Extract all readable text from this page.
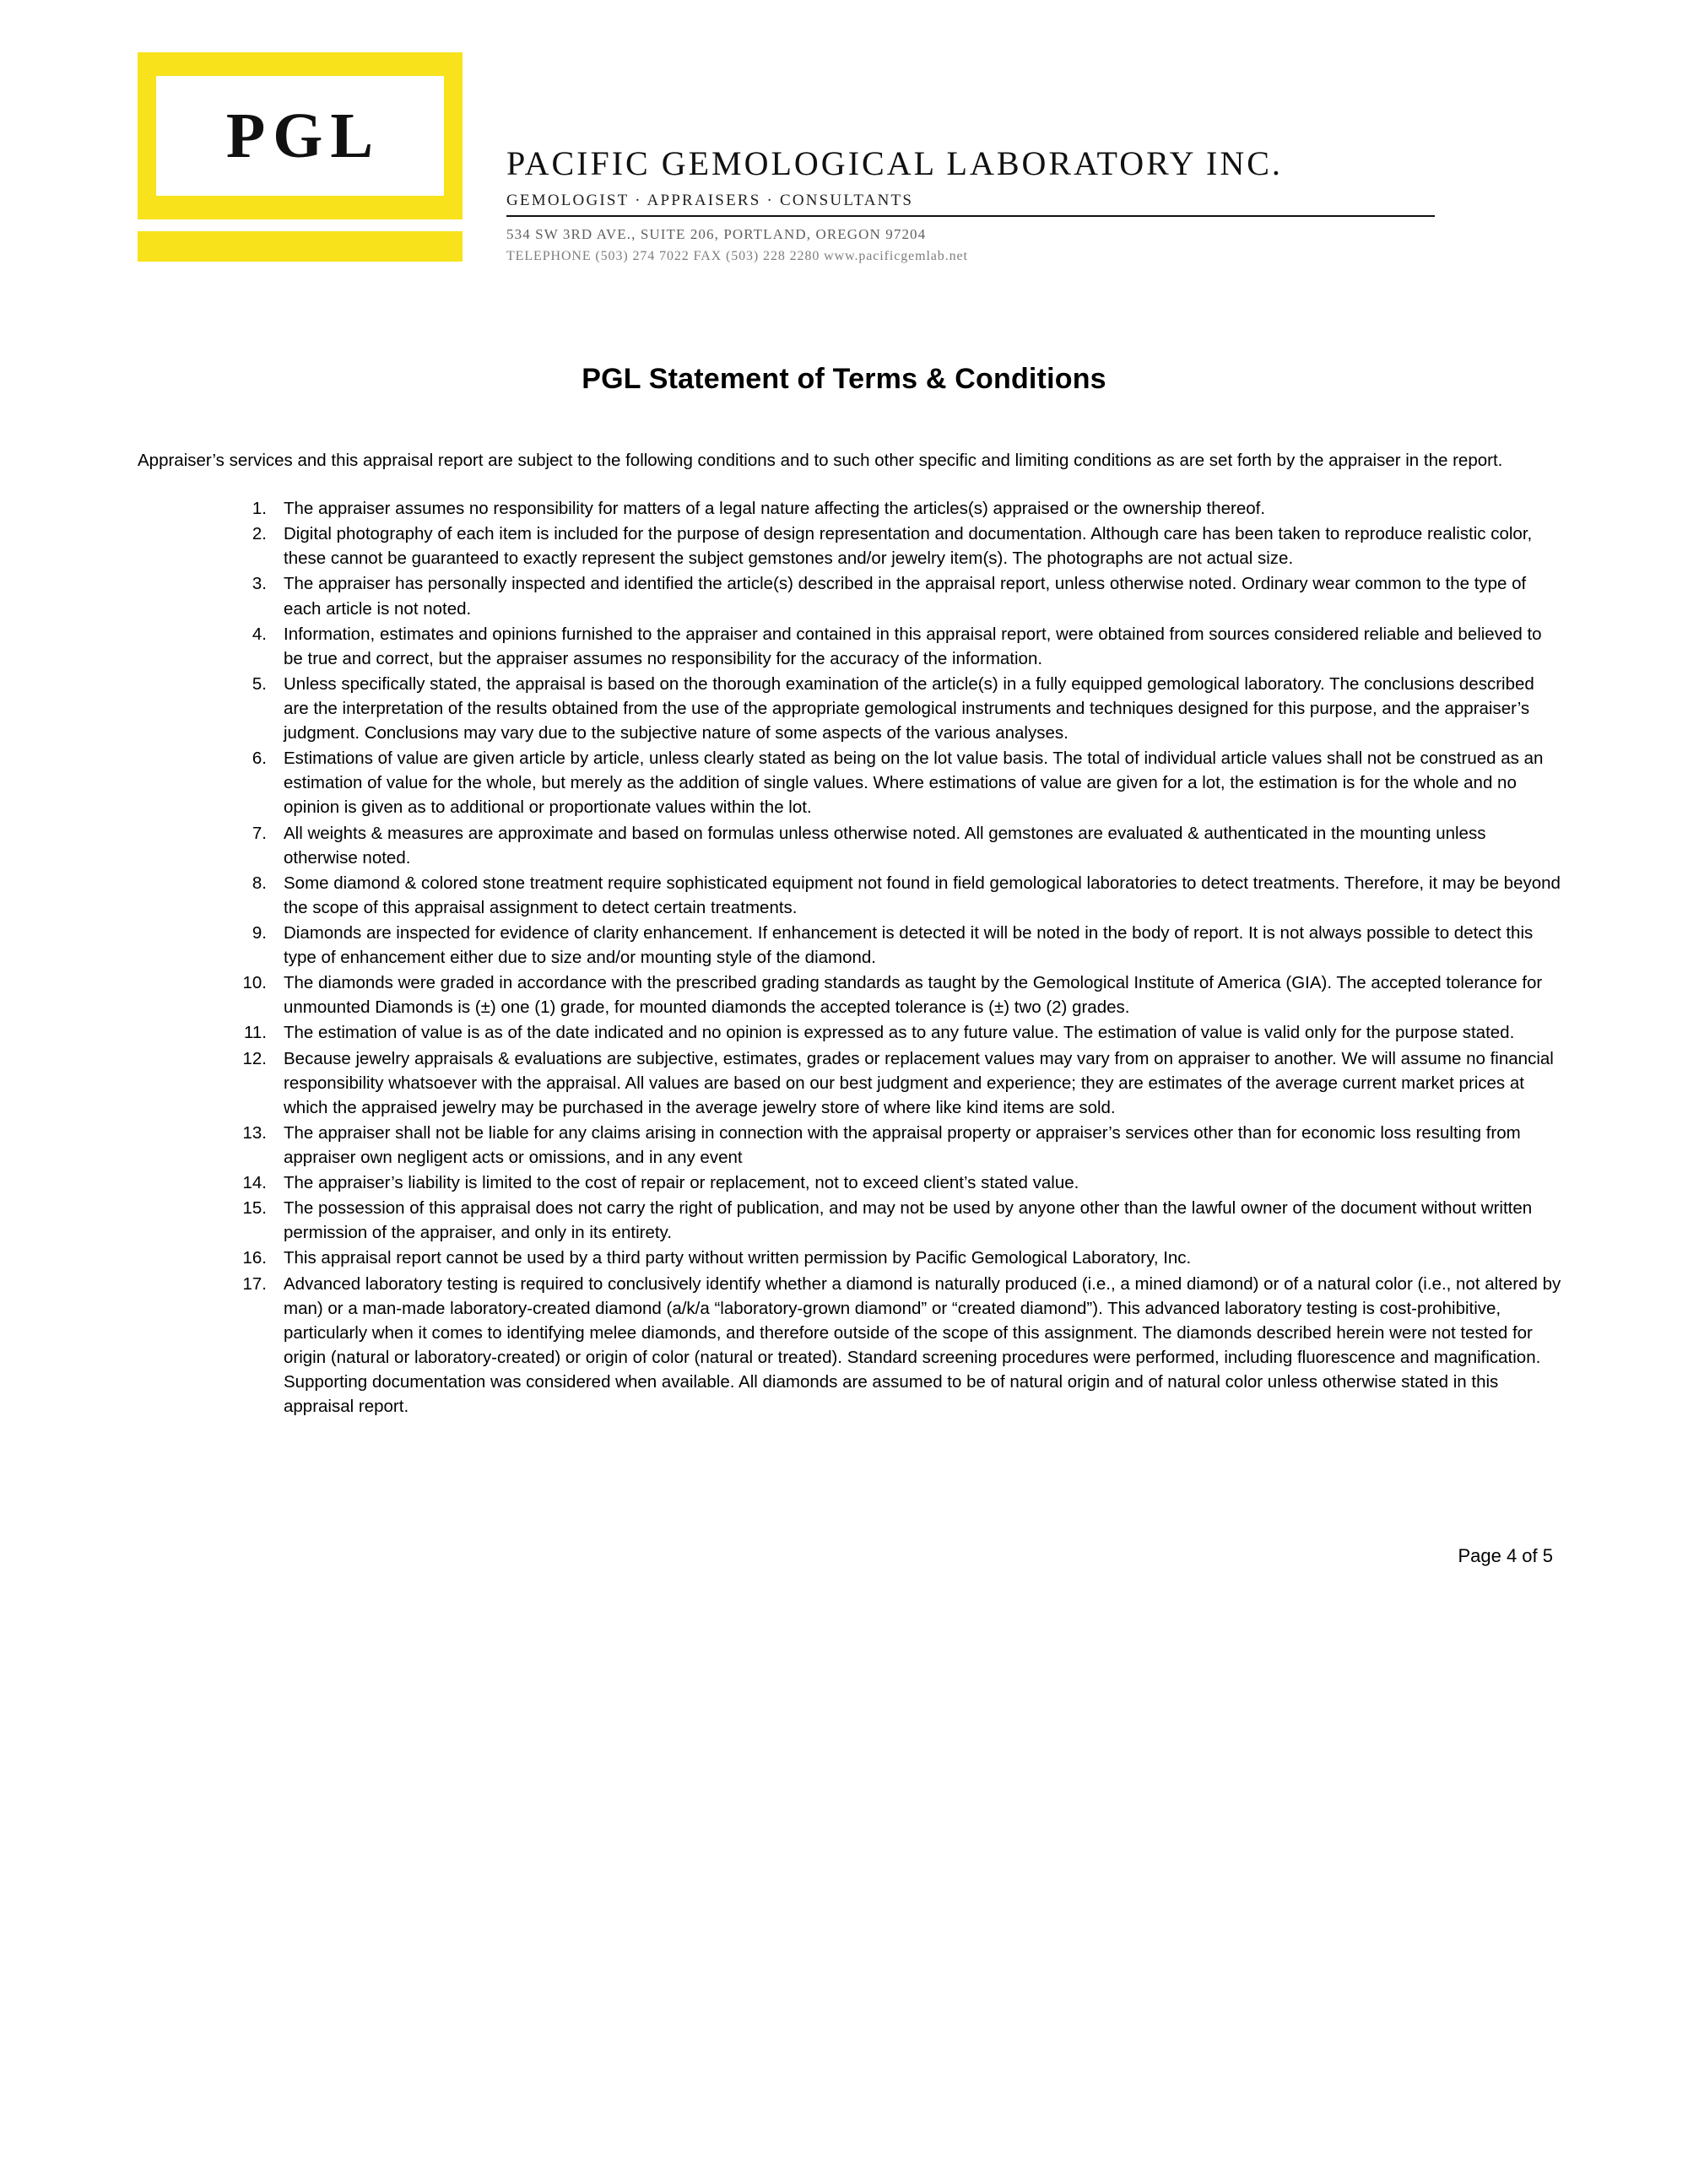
PGL	PACIFIC GEMOLOGICAL LABORATORY INC.
GEMOLOGIST · APPRAISERS · CONSULTANTS
534 SW 3RD AVE., SUITE 206, PORTLAND, OREGON 97204
TELEPHONE (503) 274 7022 FAX (503) 228 2280 www.pacificgemlab.net
PGL Statement of Terms & Conditions

Appraiser’s services and this appraisal report are subject to the following conditions and to such other specific and limiting conditions as are set forth by the appraiser in the report.

The appraiser assumes no responsibility for matters of a legal nature affecting the articles(s) appraised or the ownership thereof.
Digital photography of each item is included for the purpose of design representation and documentation. Although care has been taken to reproduce realistic color, these cannot be guaranteed to exactly represent the subject gemstones and/or jewelry item(s). The photographs are not actual size.
The appraiser has personally inspected and identified the article(s) described in the appraisal report, unless otherwise noted. Ordinary wear common to the type of each article is not noted.
Information, estimates and opinions furnished to the appraiser and contained in this appraisal report, were obtained from sources considered reliable and believed to be true and correct, but the appraiser assumes no responsibility for the accuracy of the information.
Unless specifically stated, the appraisal is based on the thorough examination of the article(s) in a fully equipped gemological laboratory. The conclusions described are the interpretation of the results obtained from the use of the appropriate gemological instruments and techniques designed for this purpose, and the appraiser’s judgment. Conclusions may vary due to the subjective nature of some aspects of the various analyses.
Estimations of value are given article by article, unless clearly stated as being on the lot value basis. The total of individual article values shall not be construed as an estimation of value for the whole, but merely as the addition of single values. Where estimations of value are given for a lot, the estimation is for the whole and no opinion is given as to additional or proportionate values within the lot.
All weights & measures are approximate and based on formulas unless otherwise noted. All gemstones are evaluated & authenticated in the mounting unless otherwise noted.
Some diamond & colored stone treatment require sophisticated equipment not found in field gemological laboratories to detect treatments. Therefore, it may be beyond the scope of this appraisal assignment to detect certain treatments.
Diamonds are inspected for evidence of clarity enhancement. If enhancement is detected it will be noted in the body of report. It is not always possible to detect this type of enhancement either due to size and/or mounting style of the diamond.
The diamonds were graded in accordance with the prescribed grading standards as taught by the Gemological Institute of America (GIA). The accepted tolerance for unmounted Diamonds is (±) one (1) grade, for mounted diamonds the accepted tolerance is (±) two (2) grades.
The estimation of value is as of the date indicated and no opinion is expressed as to any future value. The estimation of value is valid only for the purpose stated.
Because jewelry appraisals & evaluations are subjective, estimates, grades or replacement values may vary from on appraiser to another. We will assume no financial responsibility whatsoever with the appraisal. All values are based on our best judgment and experience; they are estimates of the average current market prices at which the appraised jewelry may be purchased in the average jewelry store of where like kind items are sold.
The appraiser shall not be liable for any claims arising in connection with the appraisal property or appraiser’s services other than for economic loss resulting from appraiser own negligent acts or omissions, and in any event
The appraiser’s liability is limited to the cost of repair or replacement, not to exceed client’s stated value.
The possession of this appraisal does not carry the right of publication, and may not be used by anyone other than the lawful owner of the document without written permission of the appraiser, and only in its entirety.
This appraisal report cannot be used by a third party without written permission by Pacific Gemological Laboratory, Inc.
Advanced laboratory testing is required to conclusively identify whether a diamond is naturally produced (i.e., a mined diamond) or of a natural color (i.e., not altered by man) or a man-made laboratory-created diamond (a/k/a “laboratory-grown diamond” or “created diamond”). This advanced laboratory testing is cost-prohibitive, particularly when it comes to identifying melee diamonds, and therefore outside of the scope of this assignment. The diamonds described herein were not tested for origin (natural or laboratory-created) or origin of color (natural or treated). Standard screening procedures were performed, including fluorescence and magnification. Supporting documentation was considered when available. All diamonds are assumed to be of natural origin and of natural color unless otherwise stated in this appraisal report.
Page 4 of 5
